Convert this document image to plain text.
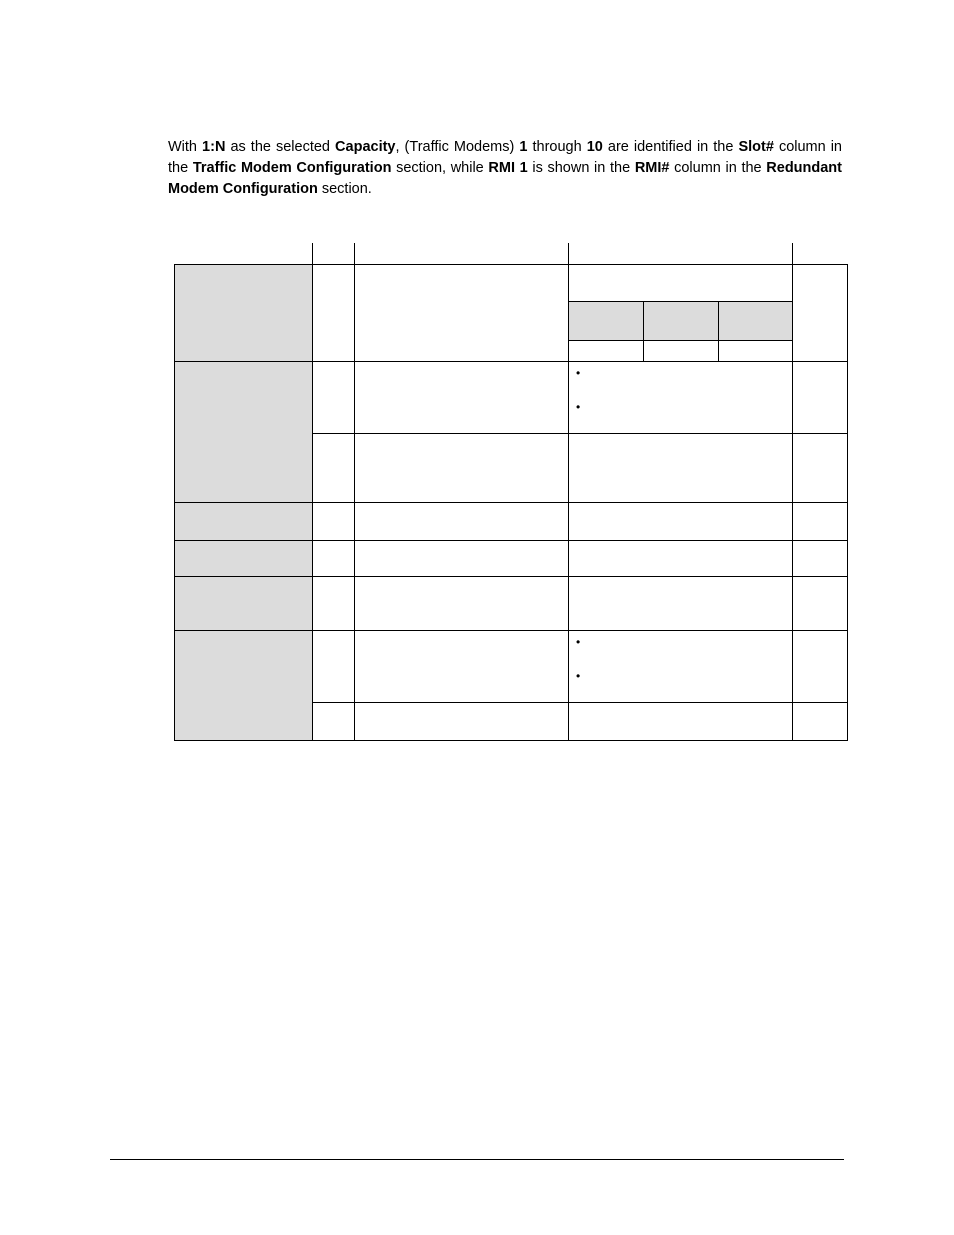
With 1:N as the selected Capacity, (Traffic Modems) 1 through 10 are identified in the Slot# column in the Traffic Modem Configuration section, while RMI 1 is shown in the RMI# column in the Redundant Modem Configuration section.

•
•
•
•
